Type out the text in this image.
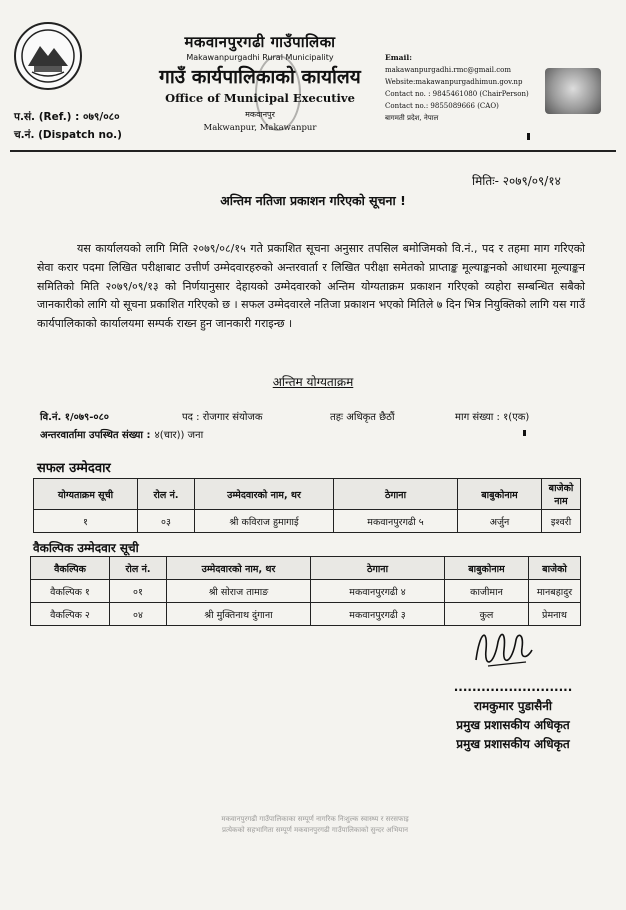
मकवानपुरगढी गाउँपालिका
Makawanpurgadhi Rural Municipality
गाउँ कार्यपालिकाको कार्यालय
Office of Municipal Executive
मकवानपुर
Makwanpur, Makawanpur
प.सं. (Ref.) : ०७९/०८०
च.नं. (Dispatch no.)
Email:
makawanpurgadhi.rmc@gmail.com
Website:makawanpurgadhimun.gov.np
Contact no. : 9845461080 (ChairPerson)
Contact no.: 9855089666 (CAO)
बागमती प्रदेश, नेपाल
मितिः- २०७९/०९/१४
अन्तिम नतिजा प्रकाशन गरिएको सूचना !
यस कार्यालयको लागि मिति २०७९/०८/१५ गते प्रकाशित सूचना अनुसार तपसिल बमोजिमको वि.नं., पद र तहमा माग गरिएको सेवा करार पदमा लिखित परीक्षाबाट उत्तीर्ण उम्मेदवारहरुको अन्तरवार्ता र लिखित परीक्षा समेतको प्राप्ताङ्क मूल्याङ्कनको आधारमा मूल्याङ्कन समितिको मिति २०७९/०९/१३ को निर्णयानुसार देहायको उम्मेदवारको अन्तिम योग्यताक्रम प्रकाशन गरिएको व्यहोरा सम्बन्धित सबैको जानकारीको लागि यो सूचना प्रकाशित गरिएको छ । सफल उम्मेदवारले नतिजा प्रकाशन भएको मितिले ७ दिन भित्र नियुक्तिको लागि यस गाउँ कार्यपालिकाको कार्यालयमा सम्पर्क राख्न हुन जानकारी गराइन्छ ।
अन्तिम योग्यताक्रम
वि.नं. १/०७९-०८०	पद : रोजगार संयोजक	तहः अधिकृत छैठौं	माग संख्या : १(एक)
अन्तरवार्तामा उपस्थित संख्या : ४(चार)) जना
सफल उम्मेदवार
योग्यताक्रम सूची	रोल नं.	उम्मेदवारको नाम, थर	ठेगाना	बाबुकोनाम	बाजेको नाम
१	०३	श्री कविराज हुमागाई	मकवानपुरगढी ५	अर्जुन	इश्वरी
वैकल्पिक उम्मेदवार सूची
वैकल्पिक	रोल नं.	उम्मेदवारको नाम, थर	ठेगाना	बाबुकोनाम	बाजेको
वैकल्पिक १	०१	श्री सोराज तामाङ	मकवानपुरगढी ४	काजीमान	मानबहादुर
वैकल्पिक २	०४	श्री मुक्तिनाथ दुंगाना	मकवानपुरगढी ३	कुल	प्रेमनाथ
..........................
रामकुमार पुडासैनी
प्रमुख प्रशासकीय अधिकृत
प्रमुख प्रशासकीय अधिकृत
मकवानपुरगढी गाउँपालिकाका सम्पूर्ण नागरिक निःशुल्क स्वास्थ्य र सरसफाइ
प्रत्येकको सहभागिता सम्पूर्ण मकवानपुरगढी गाउँपालिकाको सुन्दर अभियान
